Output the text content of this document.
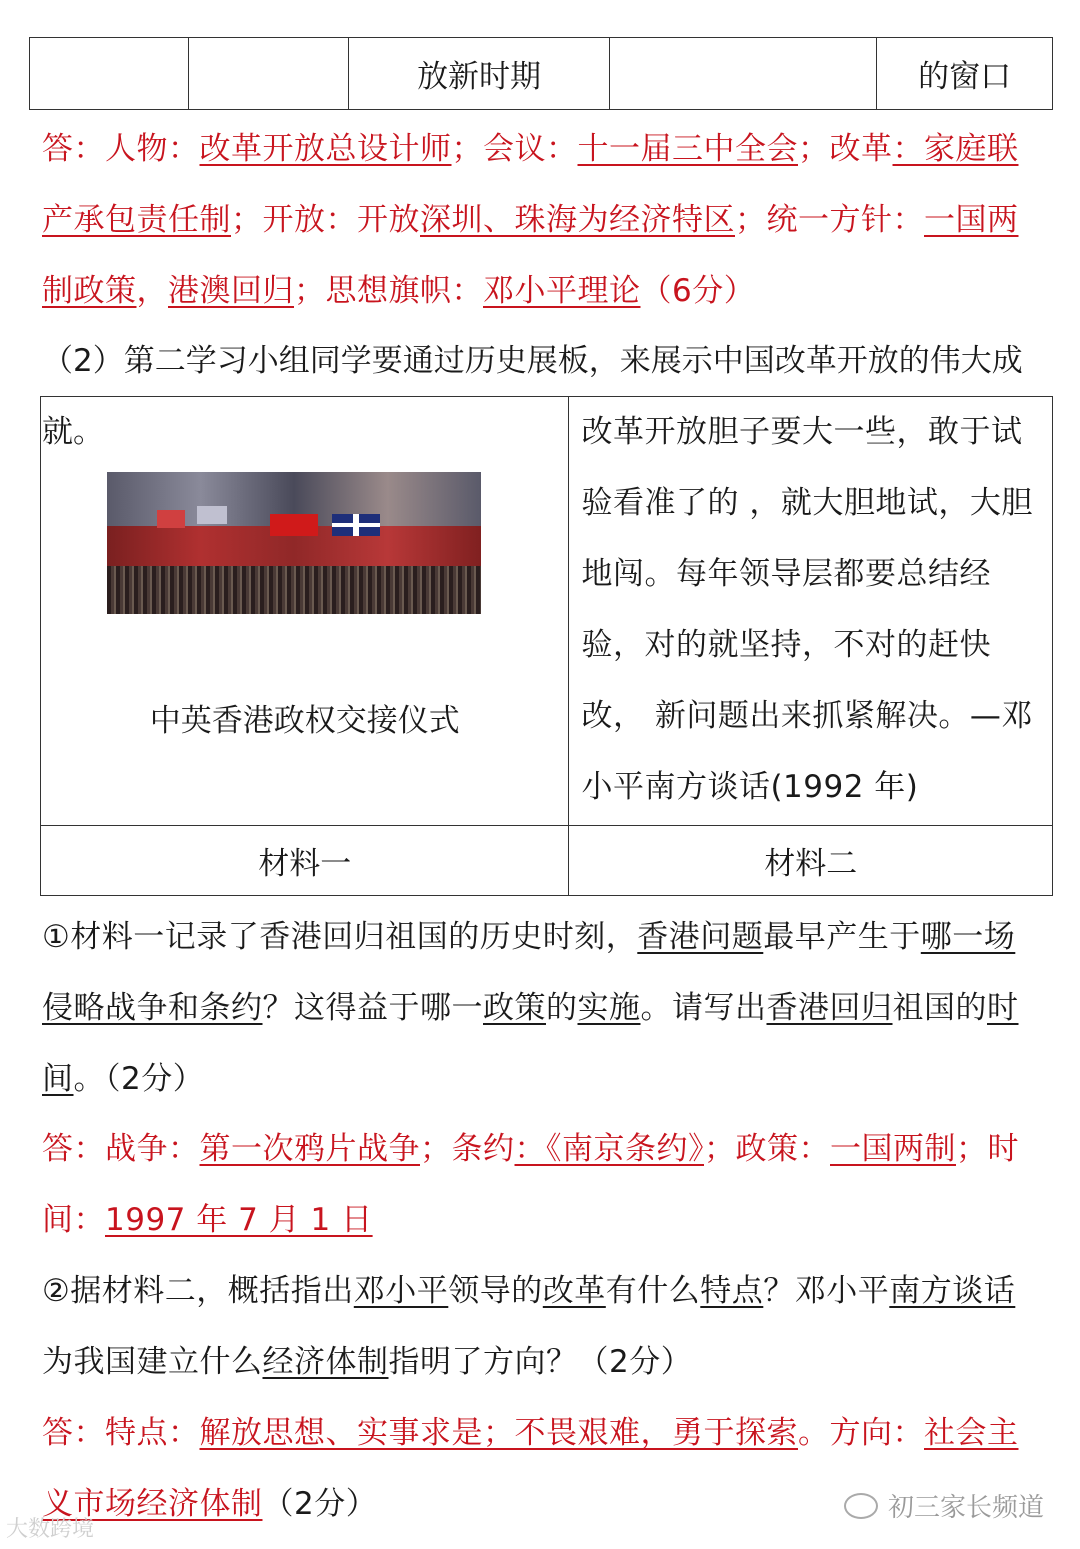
		放新时期		的窗口

答：人物：改革开放总设计师；会议：十一届三中全会；改革：家庭联产承包责任制；开放：开放深圳、珠海为经济特区；统一方针：一国两制政策，港澳回归；思想旗帜：邓小平理论（6分）

（2）第二学习小组同学要通过历史展板，来展示中国改革开放的伟大成就。

中英香港政权交接仪式	改革开放胆子要大一些，敢于试验看准了的 ，就大胆地试，大胆地闯。每年领导层都要总结经验，对的就坚持，不对的赶快改， 新问题出来抓紧解决。—邓小平南方谈话(1992 年)
材料一	材料二

①材料一记录了香港回归祖国的历史时刻，香港问题最早产生于哪一场侵略战争和条约？这得益于哪一政策的实施。请写出香港回归祖国的时间。（2分）

答：战争：第一次鸦片战争；条约：《南京条约》；政策：一国两制；时间：1997 年 7 月 1 日

②据材料二，概括指出邓小平领导的改革有什么特点？邓小平南方谈话为我国建立什么经济体制指明了方向？（2分）

答：特点：解放思想、实事求是；不畏艰难，勇于探索。方向：社会主义市场经济体制（2分）	初三家长频道
大数跨境
